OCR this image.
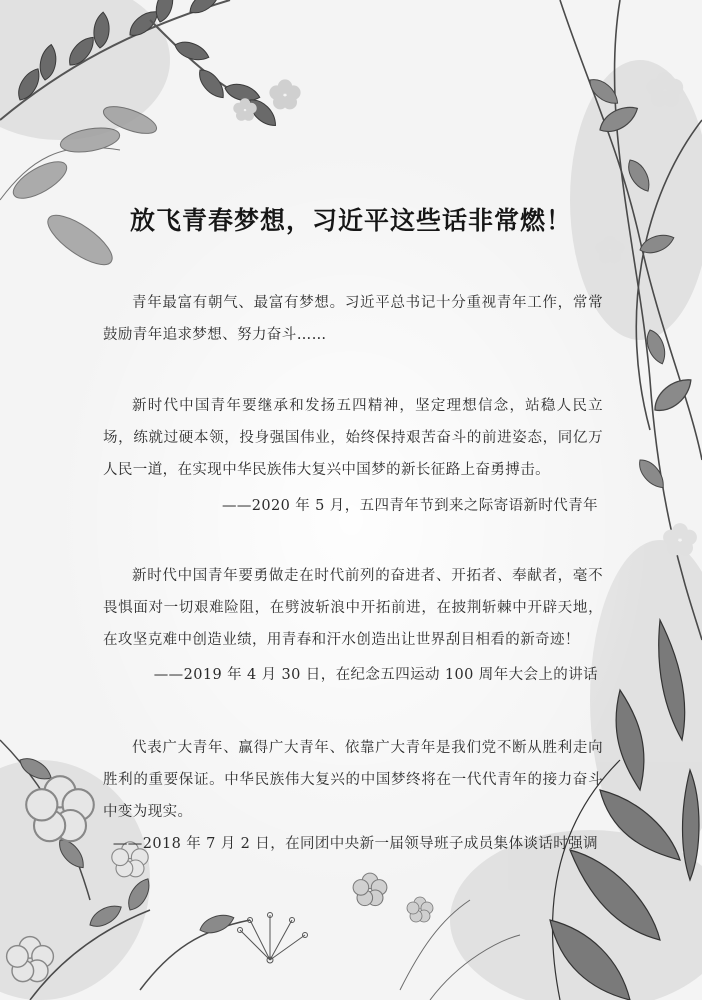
放飞青春梦想，习近平这些话非常燃！
青年最富有朝气、最富有梦想。习近平总书记十分重视青年工作，常常鼓励青年追求梦想、努力奋斗……
新时代中国青年要继承和发扬五四精神，坚定理想信念，站稳人民立场，练就过硬本领，投身强国伟业，始终保持艰苦奋斗的前进姿态，同亿万人民一道，在实现中华民族伟大复兴中国梦的新长征路上奋勇搏击。
——2020 年 5 月，五四青年节到来之际寄语新时代青年
新时代中国青年要勇做走在时代前列的奋进者、开拓者、奉献者，毫不畏惧面对一切艰难险阻，在劈波斩浪中开拓前进，在披荆斩棘中开辟天地，在攻坚克难中创造业绩，用青春和汗水创造出让世界刮目相看的新奇迹！
——2019 年 4 月 30 日，在纪念五四运动 100 周年大会上的讲话
代表广大青年、赢得广大青年、依靠广大青年是我们党不断从胜利走向胜利的重要保证。中华民族伟大复兴的中国梦终将在一代代青年的接力奋斗中变为现实。
——2018 年 7 月 2 日，在同团中央新一届领导班子成员集体谈话时强调
